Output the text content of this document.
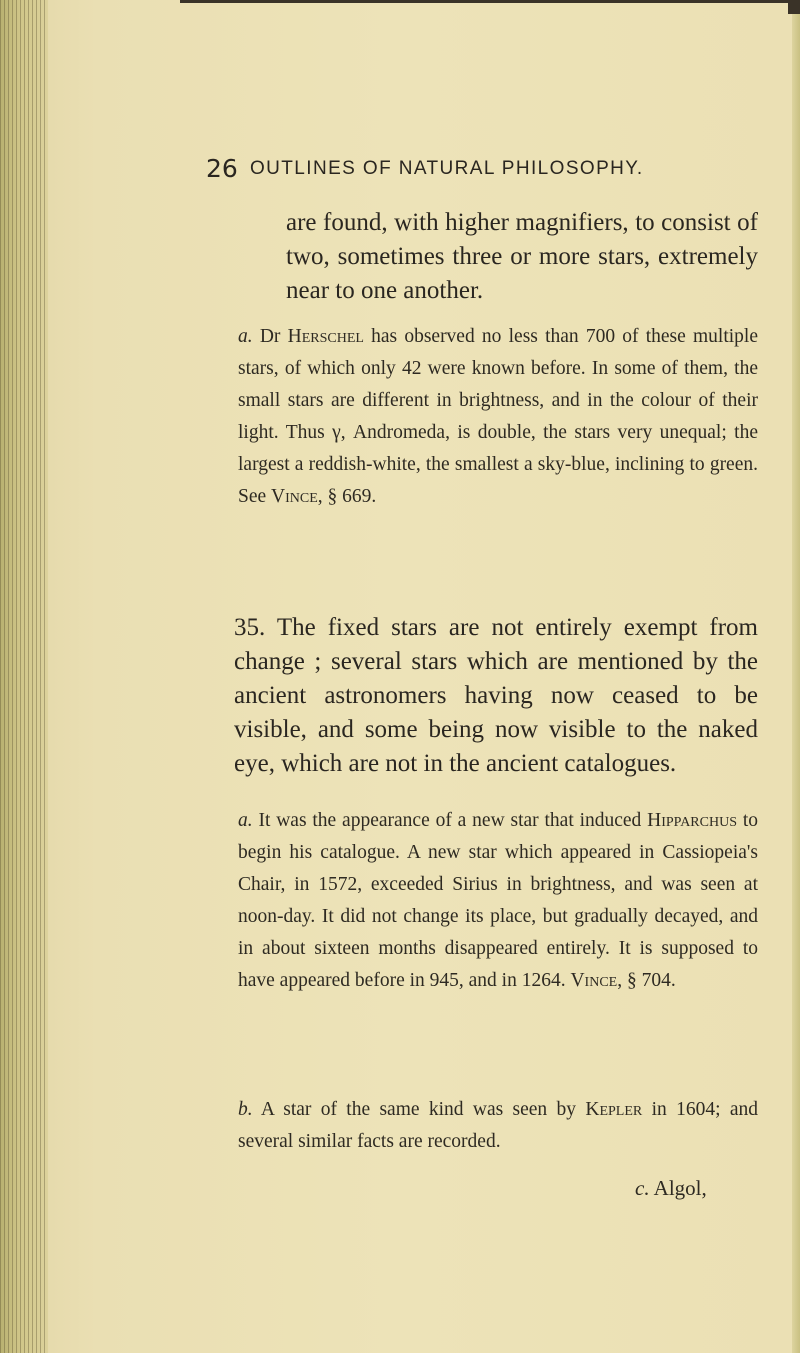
26 OUTLINES OF NATURAL PHILOSOPHY.

are found, with higher magnifiers, to consist of two, sometimes three or more stars, extremely near to one another.

a. Dr Herschel has observed no less than 700 of these multiple stars, of which only 42 were known before. In some of them, the small stars are different in brightness, and in the colour of their light. Thus γ, Andromeda, is double, the stars very unequal; the largest a reddish-white, the smallest a sky-blue, inclining to green. See Vince, § 669.

35. The fixed stars are not entirely exempt from change ; several stars which are mentioned by the ancient astronomers having now ceased to be visible, and some being now visible to the naked eye, which are not in the ancient catalogues.

a. It was the appearance of a new star that induced Hipparchus to begin his catalogue. A new star which appeared in Cassiopeia's Chair, in 1572, exceeded Sirius in brightness, and was seen at noon-day. It did not change its place, but gradually decayed, and in about sixteen months disappeared entirely. It is supposed to have appeared before in 945, and in 1264. Vince, § 704.

b. A star of the same kind was seen by Kepler in 1604; and several similar facts are recorded.

c. Algol,
